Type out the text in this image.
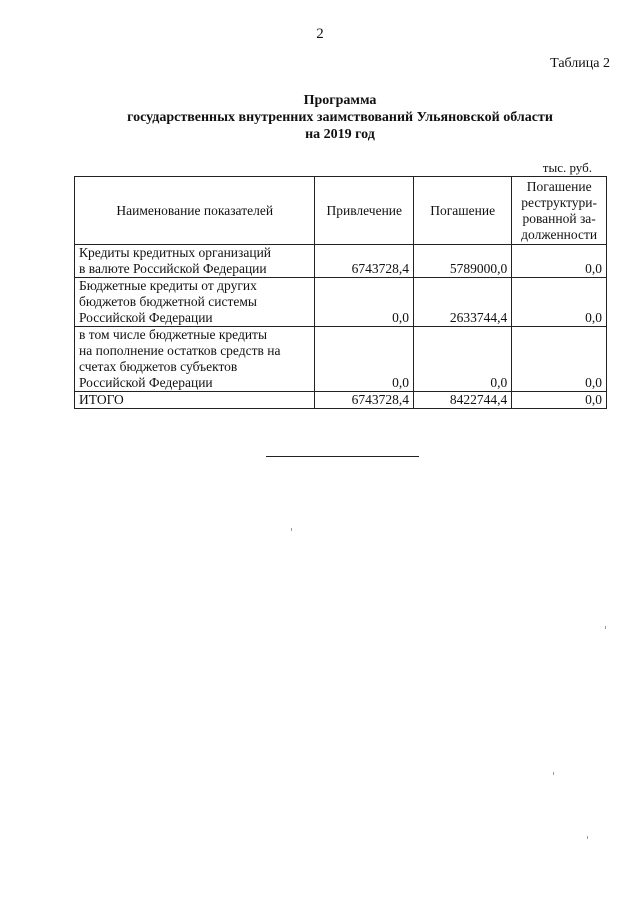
2
Таблица 2
Программа
государственных внутренних заимствований Ульяновской области
на 2019 год
тыс. руб.
Наименование показателей	Привлечение	Погашение	Погашение
реструктури-
рованной за-
долженности

Кредиты кредитных организаций
в валюте Российской Федерации	6743728,4	5789000,0	0,0

Бюджетные кредиты от других
бюджетов бюджетной системы
Российской Федерации	0,0	2633744,4	0,0

в том числе бюджетные кредиты
на пополнение остатков средств на
счетах бюджетов субъектов
Российской Федерации	0,0	0,0	0,0
ИТОГО	6743728,4	8422744,4	0,0
